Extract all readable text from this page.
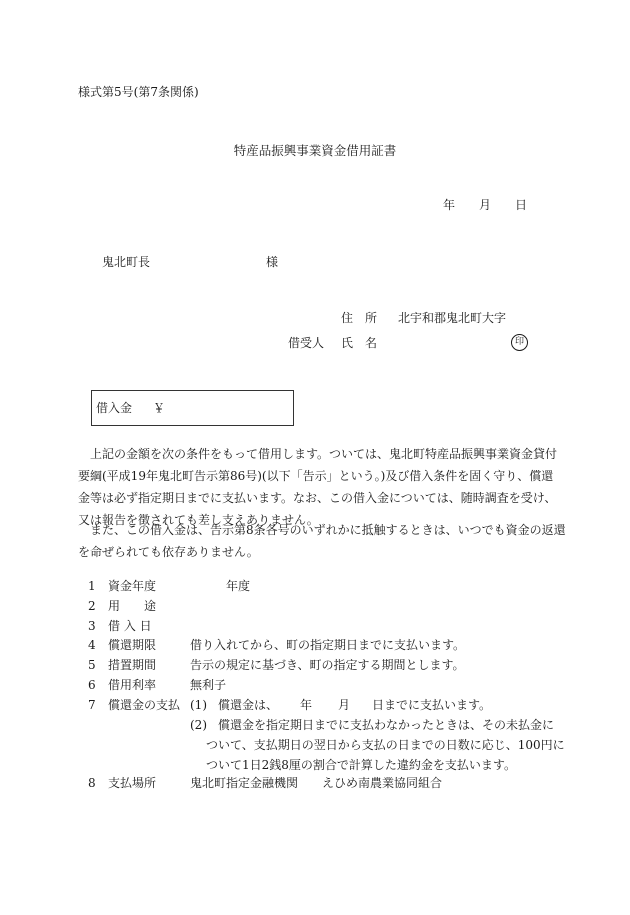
様式第5号(第7条関係)
特産品振興事業資金借用証書
年 月 日
鬼北町長	様
住　所 北宇和郡鬼北町大字
借受人 氏　名	印
借入金 ￥
　上記の金額を次の条件をもって借用します。ついては、鬼北町特産品振興事業資金貸付
要綱(平成19年鬼北町告示第86号)(以下「告示」という。)及び借入条件を固く守り、償還
金等は必ず指定期日までに支払います。なお、この借入金については、随時調査を受け、
又は報告を徴されても差し支えありません。
　また、この借入金は、告示第8条各号のいずれかに抵触するときは、いつでも資金の返還
を命ぜられても依存ありません。
1 資金年度	年度
2 用　　途
3 借 入 日
4 償還期限	借り入れてから、町の指定期日までに支払います。
5 措置期間	告示の規定に基づき、町の指定する期間とします。
6 借用利率	無利子
7 償還金の支払 (1) 償還金は、 年 月 日までに支払います。
(2) 償還金を指定期日までに支払わなかったときは、その未払金に
ついて、支払期日の翌日から支払の日までの日数に応じ、100円に
ついて1日2銭8厘の割合で計算した違約金を支払います。
8 支払場所	鬼北町指定金融機関　　えひめ南農業協同組合
